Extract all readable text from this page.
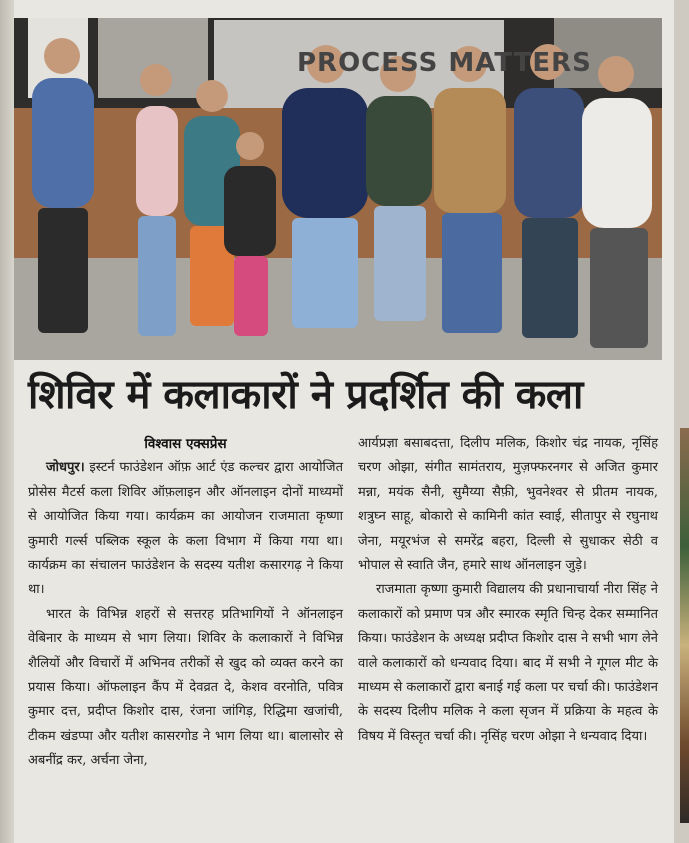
PROCESS MATTERS
शिविर में कलाकारों ने प्रदर्शित की कला

विश्वास एक्सप्रेस

जोधपुर। इस्टर्न फाउंडेशन ऑफ़ आर्ट एंड कल्चर द्वारा आयोजित प्रोसेस मैटर्स कला शिविर ऑफ़लाइन और ऑनलाइन दोनों माध्यमों से आयोजित किया गया। कार्यक्रम का आयोजन राजमाता कृष्णा कुमारी गर्ल्स पब्लिक स्कूल के कला विभाग में किया गया था। कार्यक्रम का संचालन फाउंडेशन के सदस्य यतीश कसारगढ़ ने किया था।

भारत के विभिन्न शहरों से सत्तरह प्रतिभागियों ने ऑनलाइन वेबिनार के माध्यम से भाग लिया। शिविर के कलाकारों ने विभिन्न शैलियों और विचारों में अभिनव तरीकों से खुद को व्यक्त करने का प्रयास किया। ऑफलाइन कैंप में देवव्रत दे, केशव वरनोति, पवित्र कुमार दत्त, प्रदीप्त किशोर दास, रंजना जांगिड़, रिद्धिमा खजांची, टीकम खंडप्पा और यतीश कासरगोड ने भाग लिया था। बालासोर से अबनींद्र कर, अर्चना जेना,

आर्यप्रज्ञा बसाबदत्ता, दिलीप मलिक, किशोर चंद्र नायक, नृसिंह चरण ओझा, संगीत सामंतराय, मुज़फ्फरनगर से अजित कुमार मन्ना, मयंक सैनी, सुमैय्या सैफ़ी, भुवनेश्वर से प्रीतम नायक, शत्रुघ्न साहू, बोकारो से कामिनी कांत स्वाई, सीतापुर से रघुनाथ जेना, मयूरभंज से समरेंद्र बहरा, दिल्ली से सुधाकर सेठी व भोपाल से स्वाति जैन, हमारे साथ ऑनलाइन जुड़े।

राजमाता कृष्णा कुमारी विद्यालय की प्रधानाचार्या नीरा सिंह ने कलाकारों को प्रमाण पत्र और स्मारक स्मृति चिन्ह देकर सम्मानित किया। फाउंडेशन के अध्यक्ष प्रदीप्त किशोर दास ने सभी भाग लेने वाले कलाकारों को धन्यवाद दिया। बाद में सभी ने गूगल मीट के माध्यम से कलाकारों द्वारा बनाई गई कला पर चर्चा की। फाउंडेशन के सदस्य दिलीप मलिक ने कला सृजन में प्रक्रिया के महत्व के विषय में विस्तृत चर्चा की। नृसिंह चरण ओझा ने धन्यवाद दिया।
